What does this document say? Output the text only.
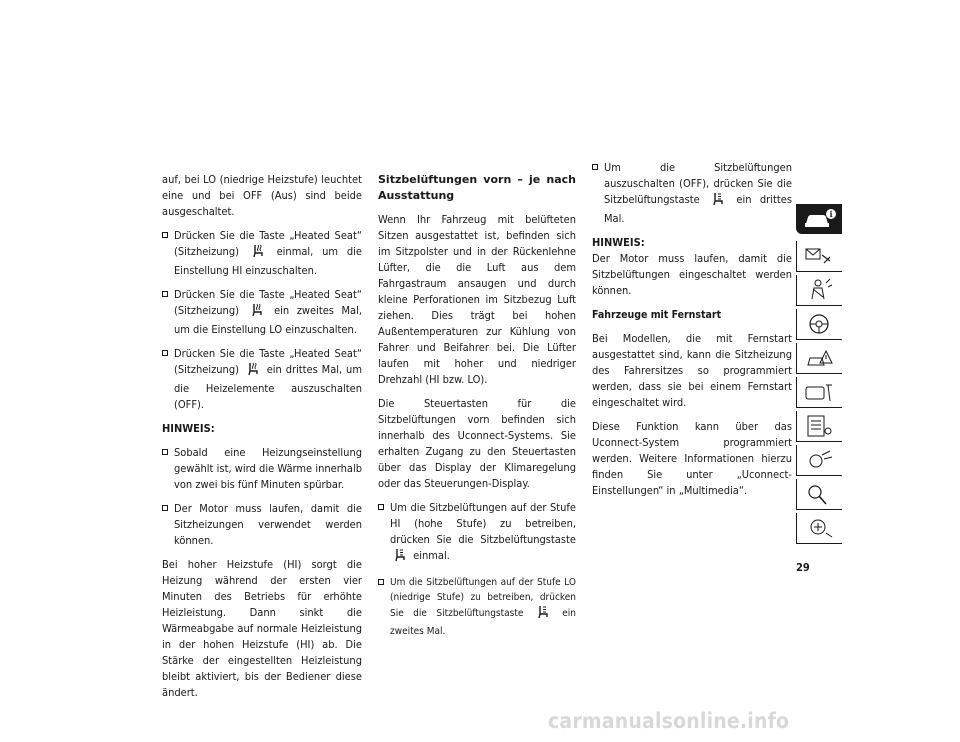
auf, bei LO (niedrige Heizstufe) leuchtet eine und bei OFF (Aus) sind beide ausgeschaltet.

Drücken Sie die Taste „Heated Seat“ (Sitzheizung)	einmal, um die Einstellung HI einzuschalten.
Drücken Sie die Taste „Heated Seat“ (Sitzheizung)	ein zweites Mal, um die Einstellung LO einzuschalten.
Drücken Sie die Taste „Heated Seat“ (Sitzheizung)	ein drittes Mal, um die Heizelemente auszuschalten (OFF).

HINWEIS:

Sobald eine Heizungseinstellung gewählt ist, wird die Wärme innerhalb von zwei bis fünf Minuten spürbar.
Der Motor muss laufen, damit die Sitzheizungen verwendet werden können.

Bei hoher Heizstufe (HI) sorgt die Heizung während der ersten vier Minuten des Betriebs für erhöhte Heizleistung. Dann sinkt die Wärmeabgabe auf normale Heizleistung in der hohen Heizstufe (HI) ab. Die Stärke der eingestellten Heizleistung bleibt aktiviert, bis der Bediener diese ändert.

Sitzbelüftungen vorn – je nach Ausstattung

Wenn Ihr Fahrzeug mit belüfteten Sitzen ausgestattet ist, befinden sich im Sitzpolster und in der Rückenlehne Lüfter, die die Luft aus dem Fahrgastraum ansaugen und durch kleine Perforationen im Sitzbezug Luft ziehen. Dies trägt bei hohen Außentemperaturen zur Kühlung von Fahrer und Beifahrer bei. Die Lüfter laufen mit hoher und niedriger Drehzahl (HI bzw. LO).

Die Steuertasten für die Sitzbelüftungen vorn befinden sich innerhalb des Uconnect-Systems. Sie erhalten Zugang zu den Steuertasten über das Display der Klimaregelung oder das Steuerungen-Display.

Um die Sitzbelüftungen auf der Stufe HI (hohe Stufe) zu betreiben, drücken Sie die Sitzbelüftungstaste  einmal.
Um die Sitzbelüftungen auf der Stufe LO (niedrige Stufe) zu betreiben, drücken Sie die Sitzbelüftungstaste	ein zweites Mal.
Um die Sitzbelüftungen auszuschalten (OFF), drücken Sie die Sitzbelüftungstaste	ein drittes Mal.

HINWEIS:

Der Motor muss laufen, damit die Sitzbelüftungen eingeschaltet werden können.

Fahrzeuge mit Fernstart

Bei Modellen, die mit Fernstart ausgestattet sind, kann die Sitzheizung des Fahrersitzes so programmiert werden, dass sie bei einem Fernstart eingeschaltet wird.

Diese Funktion kann über das Uconnect-System programmiert werden. Weitere Informationen hierzu finden Sie unter „Uconnect-Einstellungen“ in „Multimedia“.

i
29
carmanualsonline.info
